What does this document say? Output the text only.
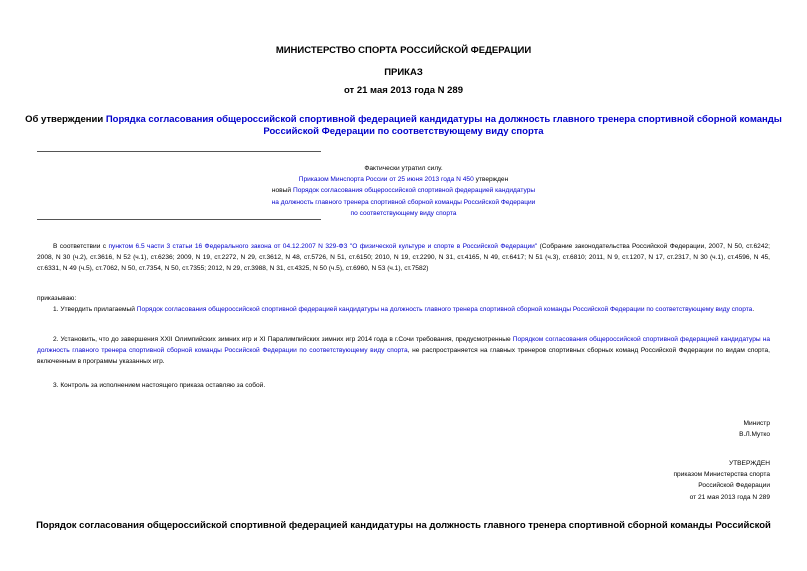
МИНИСТЕРСТВО СПОРТА РОССИЙСКОЙ ФЕДЕРАЦИИ
ПРИКАЗ
от 21 мая 2013 года N 289
Об утверждении Порядка согласования общероссийской спортивной федерацией кандидатуры на должность главного тренера спортивной сборной команды
Российской Федерации по соответствующему виду спорта
Фактически утратил силу.
Приказом Минспорта России от 25 июня 2013 года N 450 утвержден
новый Порядок согласования общероссийской спортивной федерацией кандидатуры
на должность главного тренера спортивной сборной команды Российской Федерации
по соответствующему виду спорта
В соответствии с пунктом 6.5 части 3 статьи 16 Федерального закона от 04.12.2007 N 329-ФЗ "О физической культуре и спорте в Российской Федерации" (Собрание законодательства Российской Федерации, 2007, N 50, ст.6242; 2008, N 30 (ч.2), ст.3616, N 52 (ч.1), ст.6236; 2009, N 19, ст.2272, N 29, ст.3612, N 48, ст.5726, N 51, ст.6150; 2010, N 19, ст.2290, N 31, ст.4165, N 49, ст.6417; N 51 (ч.3), ст.6810; 2011, N 9, ст.1207, N 17, ст.2317, N 30 (ч.1), ст.4596, N 45, ст.6331, N 49 (ч.5), ст.7062, N 50, ст.7354, N 50, ст.7355; 2012, N 29, ст.3988, N 31, ст.4325, N 50 (ч.5), ст.6960, N 53 (ч.1), ст.7582)
приказываю:
1. Утвердить прилагаемый Порядок согласования общероссийской спортивной федерацией кандидатуры на должность главного тренера спортивной сборной команды Российской Федерации по соответствующему виду спорта.
2. Установить, что до завершения XXII Олимпийских зимних игр и XI Паралимпийских зимних игр 2014 года в г.Сочи требования, предусмотренные Порядком согласования общероссийской спортивной федерацией кандидатуры на должность главного тренера спортивной сборной команды Российской Федерации по соответствующему виду спорта, не распространяется на главных тренеров спортивных сборных команд Российской Федерации по видам спорта, включенным в программы указанных игр.
3. Контроль за исполнением настоящего приказа оставляю за собой.
Министр
В.Л.Мутко
УТВЕРЖДЕН
приказом Министерства спорта
Российской Федерации
от 21 мая 2013 года N 289
Порядок согласования общероссийской спортивной федерацией кандидатуры на должность главного тренера спортивной сборной команды Российской
